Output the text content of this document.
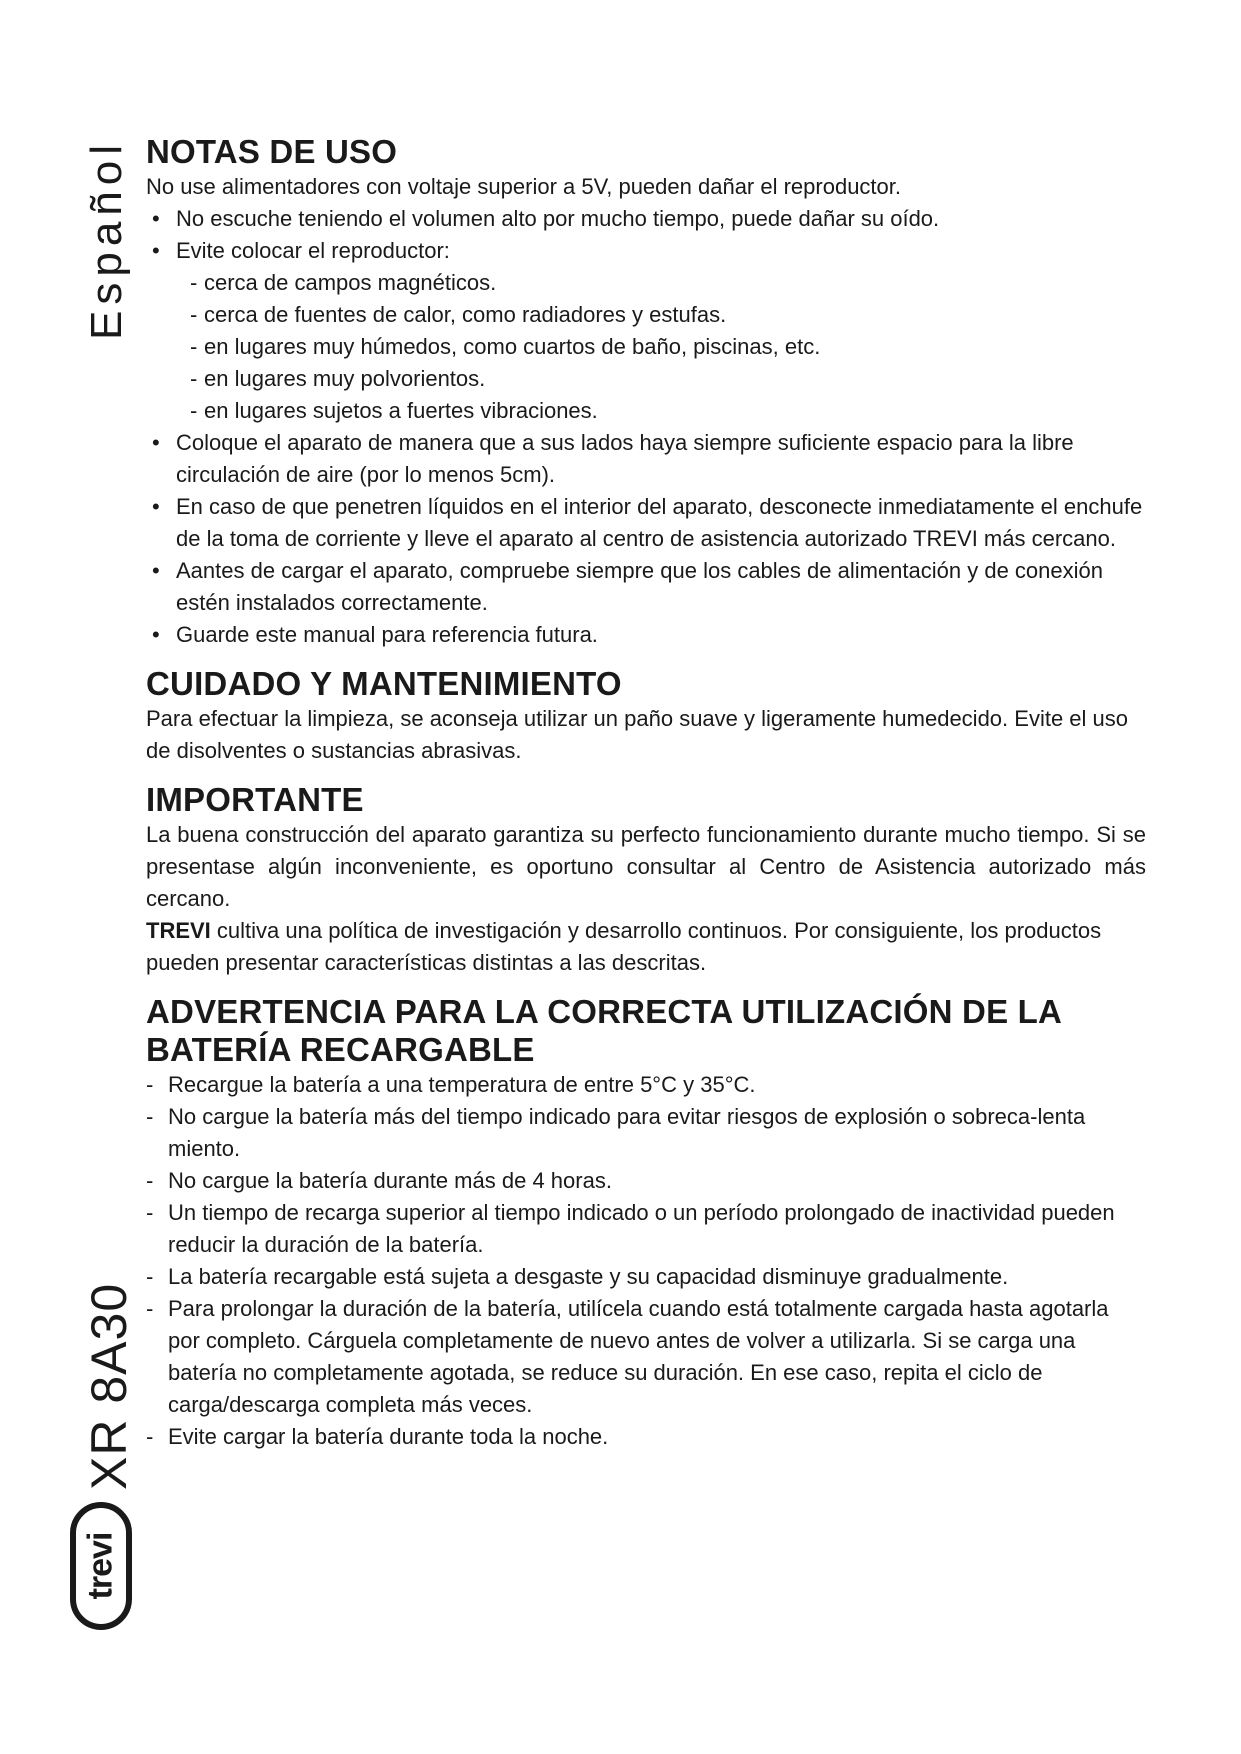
Español
XR 8A30
trevi
NOTAS DE USO

No use alimentadores con voltaje superior a 5V, pueden dañar el reproductor.

• No escuche teniendo el volumen alto por mucho tiempo, puede dañar su oído.
• Evite colocar el reproductor:
- cerca de campos magnéticos.
- cerca de fuentes de calor, como radiadores y estufas.
- en lugares muy húmedos, como cuartos de baño, piscinas, etc.
- en lugares muy polvorientos.
- en lugares sujetos a fuertes vibraciones.
• Coloque el aparato de manera que a sus lados haya siempre suficiente espacio para la libre circulación de aire (por lo menos 5cm).
• En caso de que penetren líquidos en el interior del aparato, desconecte inmediatamente el enchufe de la toma de corriente y lleve el aparato al centro de asistencia autorizado TREVI más cercano.
• Aantes de cargar el aparato, compruebe siempre que los cables de alimentación y de conexión estén instalados correctamente.
• Guarde este manual para referencia futura.
CUIDADO Y MANTENIMIENTO

Para efectuar la limpieza, se aconseja utilizar un paño suave y ligeramente humedecido. Evite el uso de disolventes o sustancias abrasivas.

IMPORTANTE

La buena construcción del aparato garantiza su perfecto funcionamiento durante mucho tiempo. Si se presentase algún inconveniente, es oportuno consultar al Centro de Asistencia autorizado más cercano.

TREVI cultiva una política de investigación y desarrollo continuos. Por consiguiente, los productos pueden presentar características distintas a las descritas.

ADVERTENCIA PARA LA CORRECTA UTILIZACIÓN DE LA BATERÍA RECARGABLE
- Recargue la batería a una temperatura de entre 5°C y 35°C.
- No cargue la batería más del tiempo indicado para evitar riesgos de explosión o sobreca-lenta miento.
- No cargue la batería durante más de 4 horas.
- Un tiempo de recarga superior al tiempo indicado o un período prolongado de inactividad pueden reducir la duración de la batería.
- La batería recargable está sujeta a desgaste y su capacidad disminuye gradualmente.
- Para prolongar la duración de la batería, utilícela cuando está totalmente cargada hasta agotarla por completo. Cárguela completamente de nuevo antes de volver a utilizarla. Si se carga una batería no completamente agotada, se reduce su duración. En ese caso, repita el ciclo de carga/descarga completa más veces.
- Evite cargar la batería durante toda la noche.
